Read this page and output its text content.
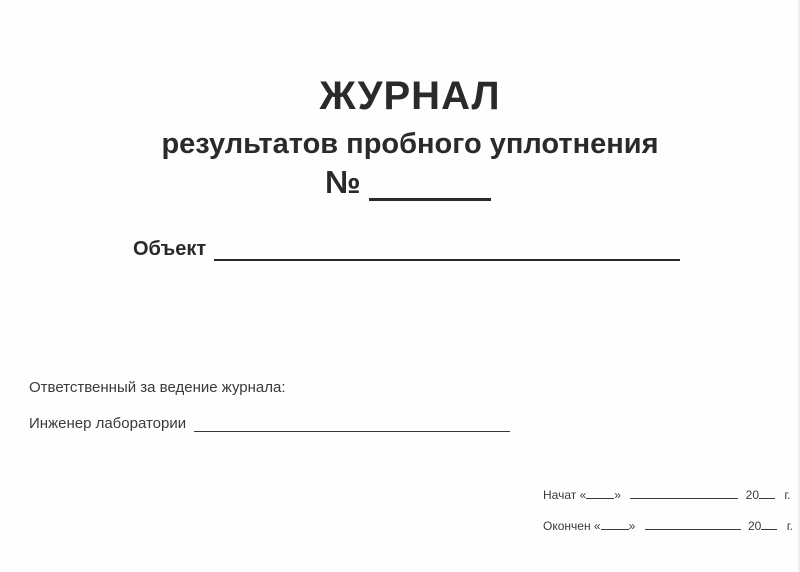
ЖУРНАЛ
результатов пробного уплотнения
№
Объект
Ответственный за ведение журнала:
Инженер лаборатории
Начат « »	20 г.
Окончен « »	20 г.
